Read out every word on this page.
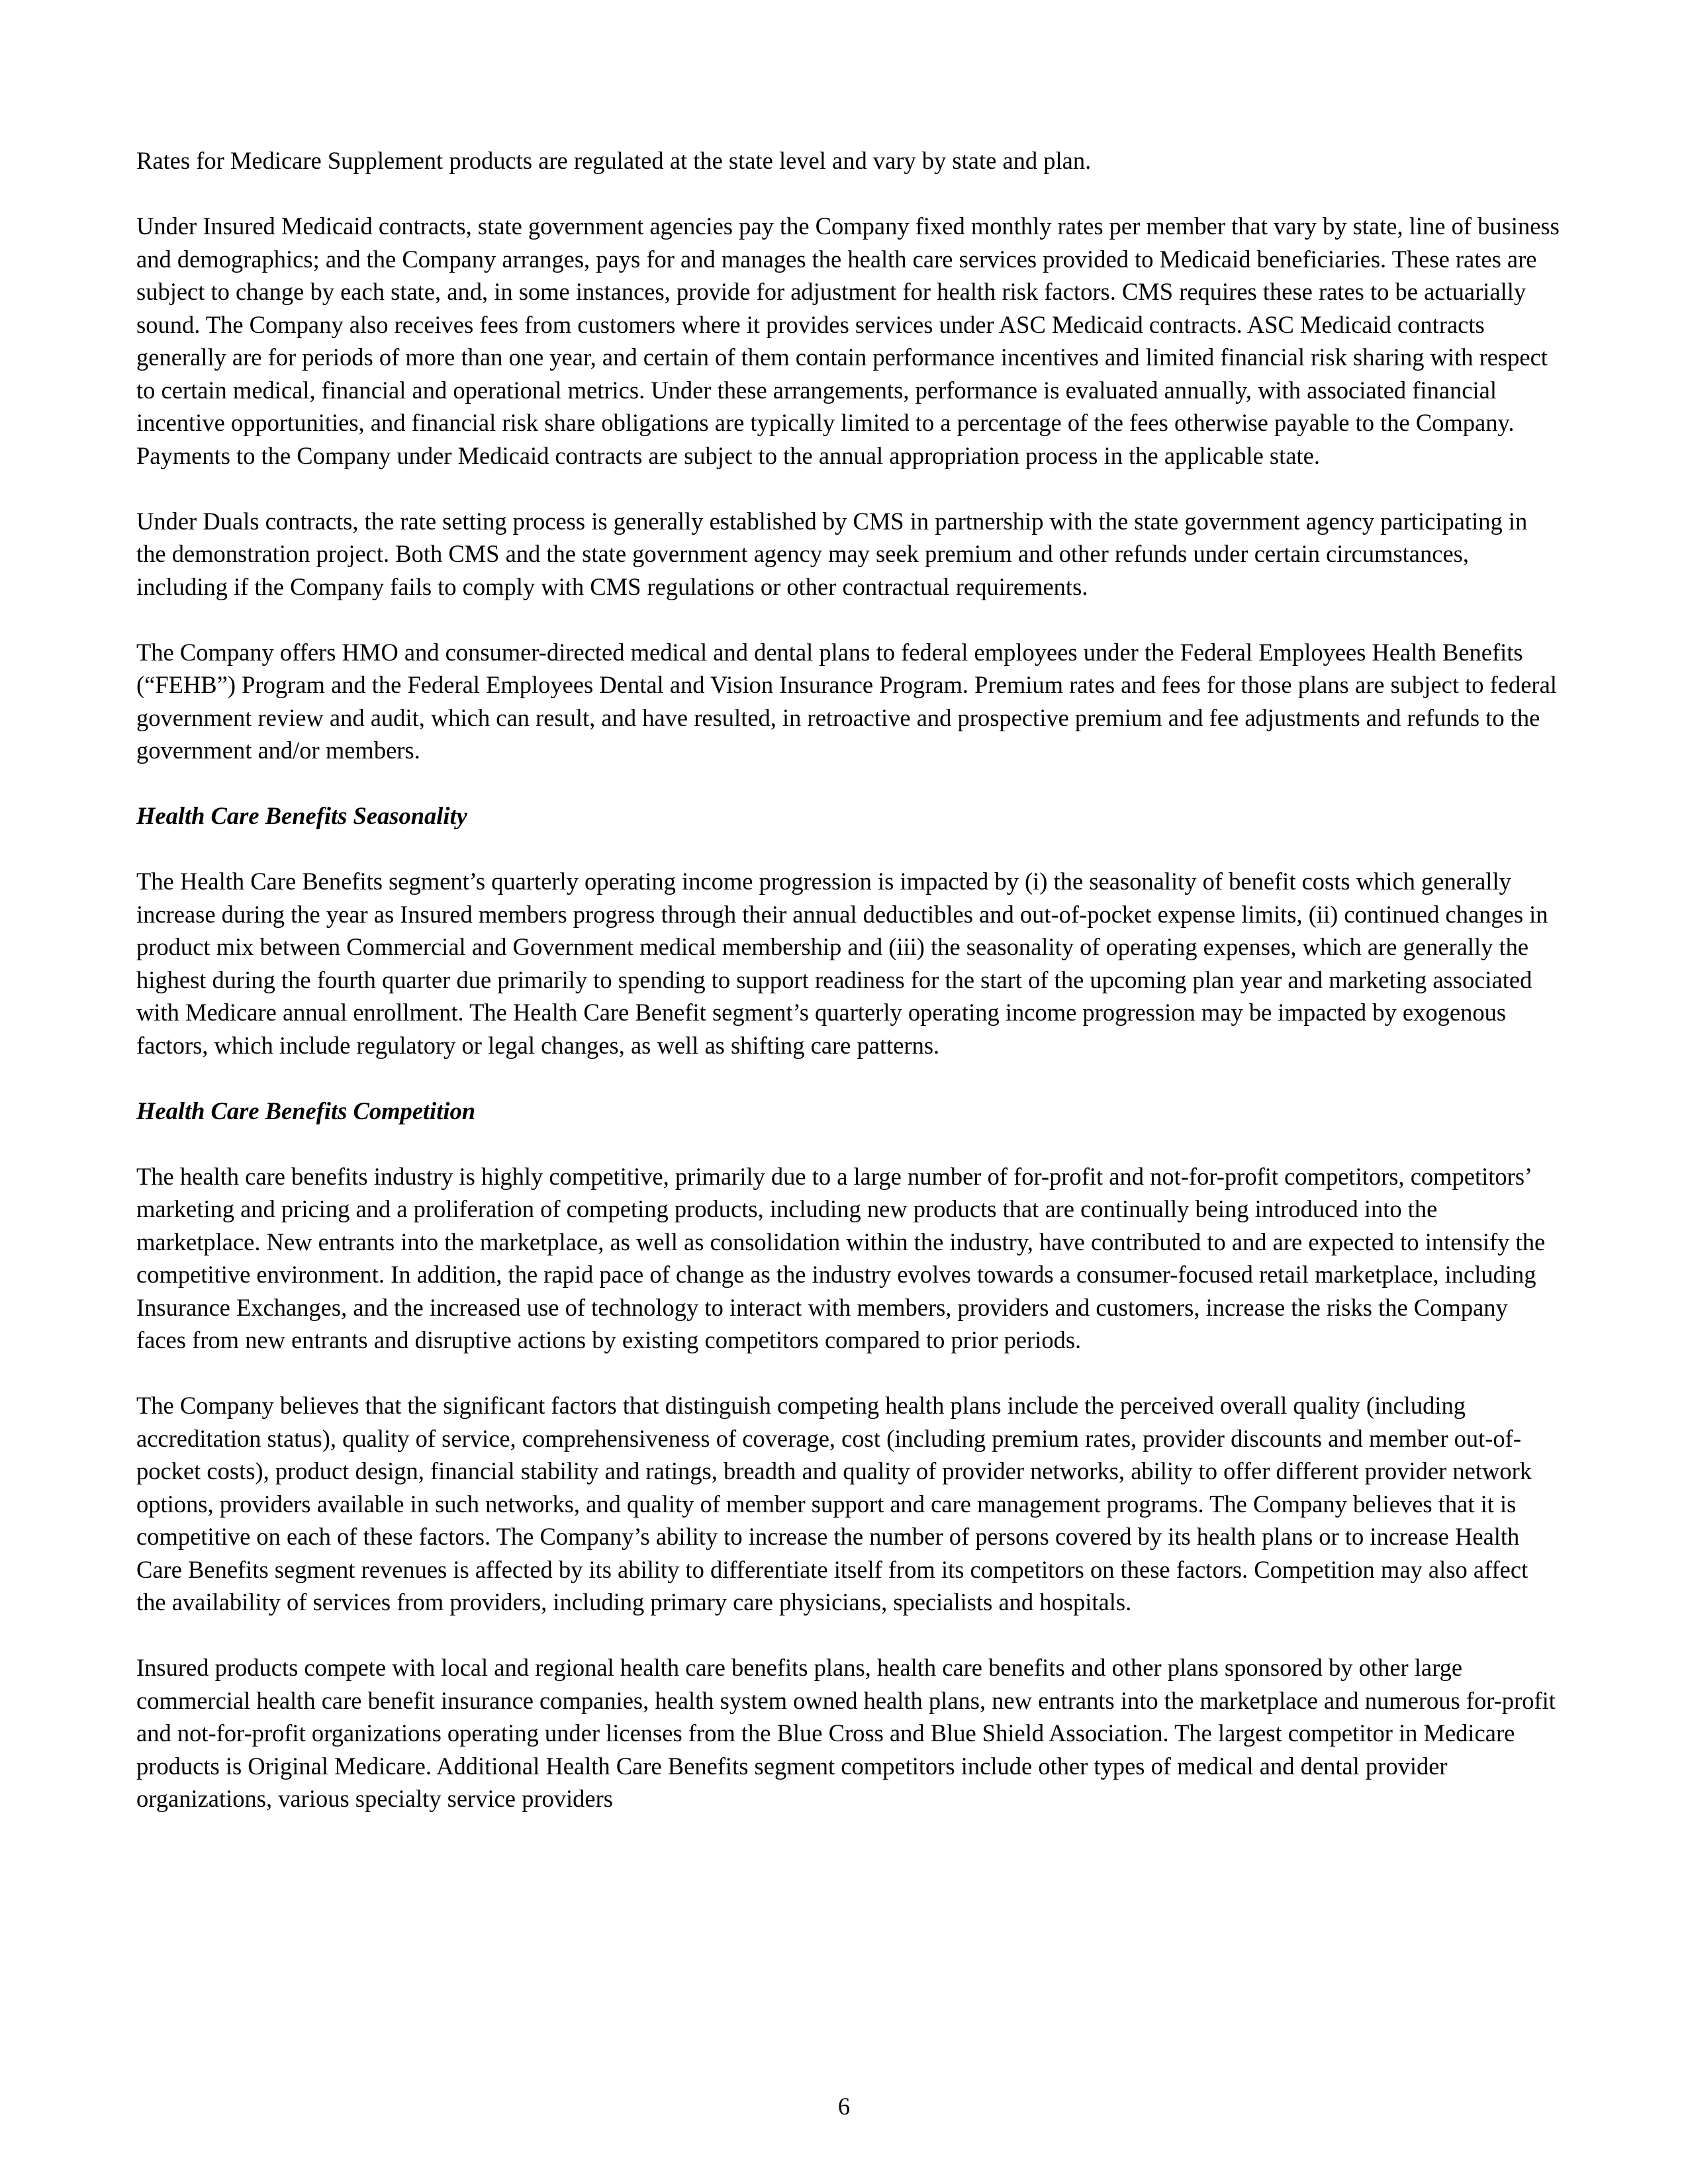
Rates for Medicare Supplement products are regulated at the state level and vary by state and plan.

Under Insured Medicaid contracts, state government agencies pay the Company fixed monthly rates per member that vary by state, line of business and demographics; and the Company arranges, pays for and manages the health care services provided to Medicaid beneficiaries. These rates are subject to change by each state, and, in some instances, provide for adjustment for health risk factors. CMS requires these rates to be actuarially sound. The Company also receives fees from customers where it provides services under ASC Medicaid contracts. ASC Medicaid contracts generally are for periods of more than one year, and certain of them contain performance incentives and limited financial risk sharing with respect to certain medical, financial and operational metrics. Under these arrangements, performance is evaluated annually, with associated financial incentive opportunities, and financial risk share obligations are typically limited to a percentage of the fees otherwise payable to the Company. Payments to the Company under Medicaid contracts are subject to the annual appropriation process in the applicable state.

Under Duals contracts, the rate setting process is generally established by CMS in partnership with the state government agency participating in the demonstration project. Both CMS and the state government agency may seek premium and other refunds under certain circumstances, including if the Company fails to comply with CMS regulations or other contractual requirements.

The Company offers HMO and consumer-directed medical and dental plans to federal employees under the Federal Employees Health Benefits (“FEHB”) Program and the Federal Employees Dental and Vision Insurance Program. Premium rates and fees for those plans are subject to federal government review and audit, which can result, and have resulted, in retroactive and prospective premium and fee adjustments and refunds to the government and/or members.

Health Care Benefits Seasonality

The Health Care Benefits segment’s quarterly operating income progression is impacted by (i) the seasonality of benefit costs which generally increase during the year as Insured members progress through their annual deductibles and out-of-pocket expense limits, (ii) continued changes in product mix between Commercial and Government medical membership and (iii) the seasonality of operating expenses, which are generally the highest during the fourth quarter due primarily to spending to support readiness for the start of the upcoming plan year and marketing associated with Medicare annual enrollment. The Health Care Benefit segment’s quarterly operating income progression may be impacted by exogenous factors, which include regulatory or legal changes, as well as shifting care patterns.

Health Care Benefits Competition

The health care benefits industry is highly competitive, primarily due to a large number of for-profit and not-for-profit competitors, competitors’ marketing and pricing and a proliferation of competing products, including new products that are continually being introduced into the marketplace. New entrants into the marketplace, as well as consolidation within the industry, have contributed to and are expected to intensify the competitive environment. In addition, the rapid pace of change as the industry evolves towards a consumer-focused retail marketplace, including Insurance Exchanges, and the increased use of technology to interact with members, providers and customers, increase the risks the Company faces from new entrants and disruptive actions by existing competitors compared to prior periods.

The Company believes that the significant factors that distinguish competing health plans include the perceived overall quality (including accreditation status), quality of service, comprehensiveness of coverage, cost (including premium rates, provider discounts and member out-of-pocket costs), product design, financial stability and ratings, breadth and quality of provider networks, ability to offer different provider network options, providers available in such networks, and quality of member support and care management programs. The Company believes that it is competitive on each of these factors. The Company’s ability to increase the number of persons covered by its health plans or to increase Health Care Benefits segment revenues is affected by its ability to differentiate itself from its competitors on these factors. Competition may also affect the availability of services from providers, including primary care physicians, specialists and hospitals.

Insured products compete with local and regional health care benefits plans, health care benefits and other plans sponsored by other large commercial health care benefit insurance companies, health system owned health plans, new entrants into the marketplace and numerous for-profit and not-for-profit organizations operating under licenses from the Blue Cross and Blue Shield Association. The largest competitor in Medicare products is Original Medicare. Additional Health Care Benefits segment competitors include other types of medical and dental provider organizations, various specialty service providers

6
